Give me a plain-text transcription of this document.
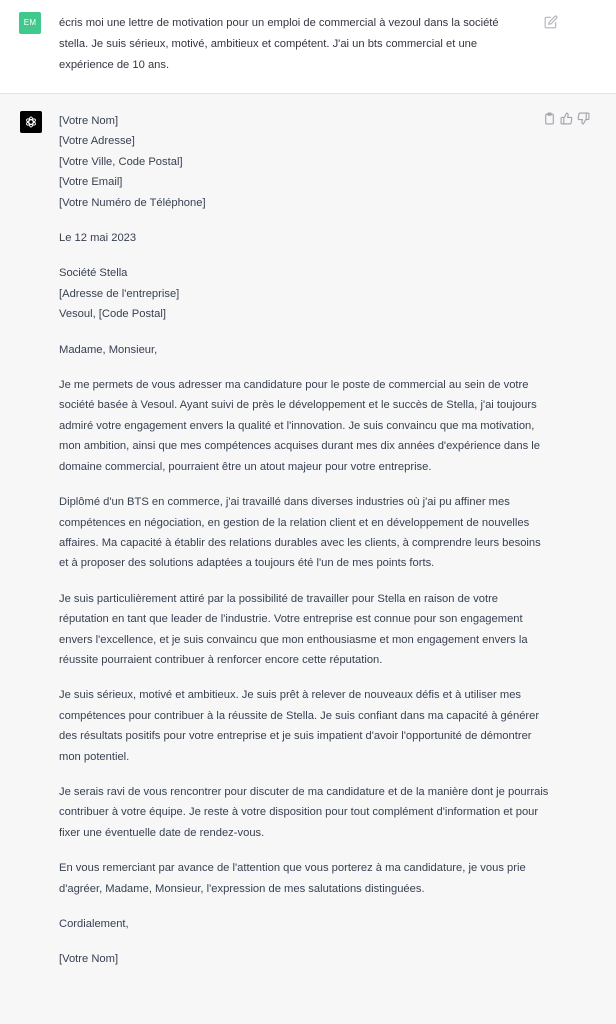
EM	écris moi une lettre de motivation pour un emploi de commercial à vezoul dans la société stella. Je suis sérieux, motivé, ambitieux et compétent. J'ai un bts commercial et une expérience de 10 ans.

[Votre Nom]
[Votre Adresse]
[Votre Ville, Code Postal]
[Votre Email]
[Votre Numéro de Téléphone]

Le 12 mai 2023

Société Stella
[Adresse de l'entreprise]
Vesoul, [Code Postal]

Madame, Monsieur,

Je me permets de vous adresser ma candidature pour le poste de commercial au sein de votre société basée à Vesoul. Ayant suivi de près le développement et le succès de Stella, j'ai toujours admiré votre engagement envers la qualité et l'innovation. Je suis convaincu que ma motivation, mon ambition, ainsi que mes compétences acquises durant mes dix années d'expérience dans le domaine commercial, pourraient être un atout majeur pour votre entreprise.

Diplômé d'un BTS en commerce, j'ai travaillé dans diverses industries où j'ai pu affiner mes compétences en négociation, en gestion de la relation client et en développement de nouvelles affaires. Ma capacité à établir des relations durables avec les clients, à comprendre leurs besoins et à proposer des solutions adaptées a toujours été l'un de mes points forts.

Je suis particulièrement attiré par la possibilité de travailler pour Stella en raison de votre réputation en tant que leader de l'industrie. Votre entreprise est connue pour son engagement envers l'excellence, et je suis convaincu que mon enthousiasme et mon engagement envers la réussite pourraient contribuer à renforcer encore cette réputation.

Je suis sérieux, motivé et ambitieux. Je suis prêt à relever de nouveaux défis et à utiliser mes compétences pour contribuer à la réussite de Stella. Je suis confiant dans ma capacité à générer des résultats positifs pour votre entreprise et je suis impatient d'avoir l'opportunité de démontrer mon potentiel.

Je serais ravi de vous rencontrer pour discuter de ma candidature et de la manière dont je pourrais contribuer à votre équipe. Je reste à votre disposition pour tout complément d'information et pour fixer une éventuelle date de rendez-vous.

En vous remerciant par avance de l'attention que vous porterez à ma candidature, je vous prie d'agréer, Madame, Monsieur, l'expression de mes salutations distinguées.

Cordialement,

[Votre Nom]
